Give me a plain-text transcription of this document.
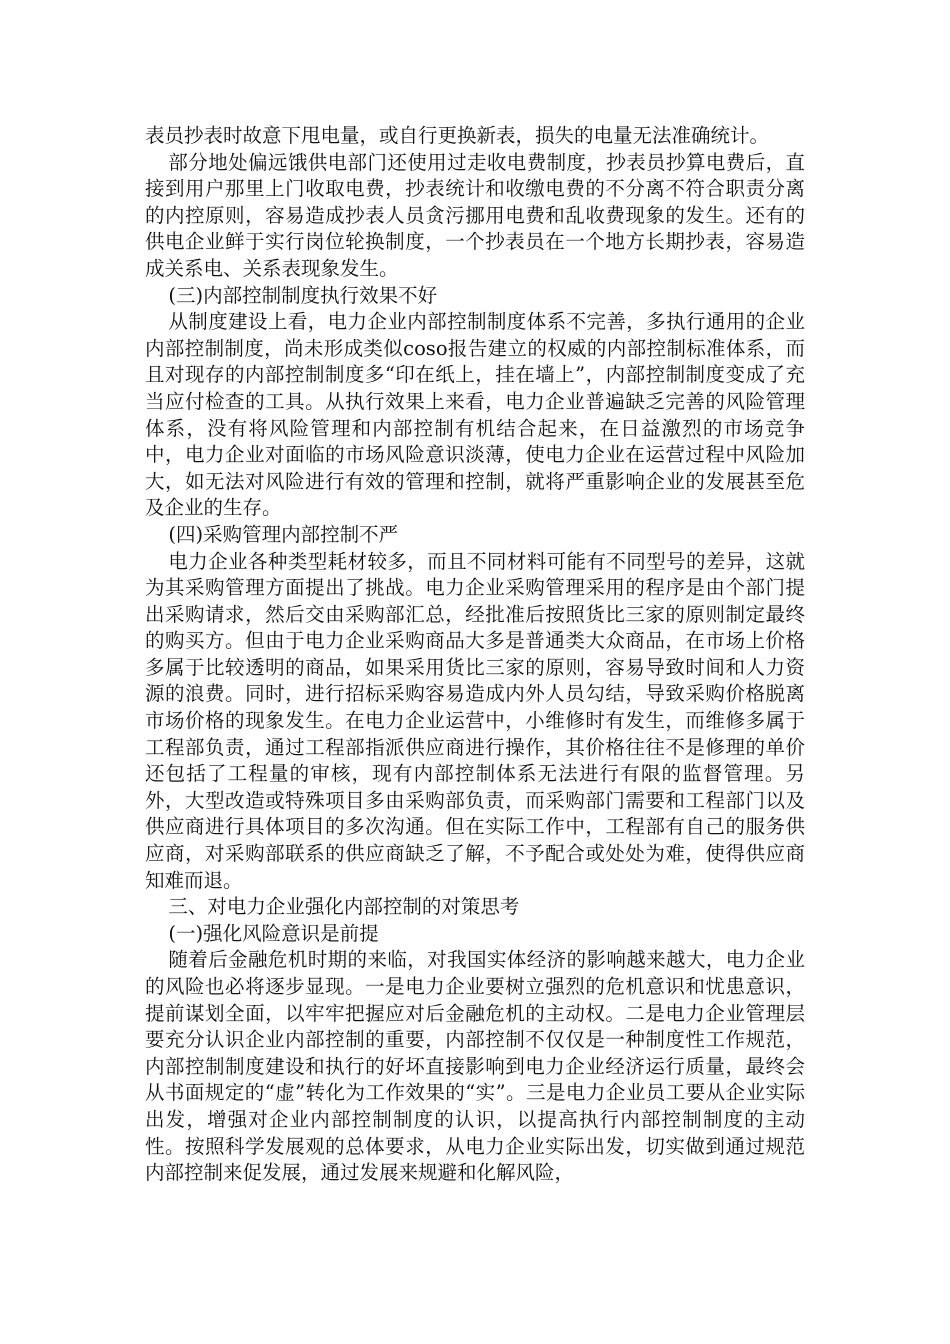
表员抄表时故意下甩电量，或自行更换新表，损失的电量无法准确统计。

部分地处偏远饿供电部门还使用过走收电费制度，抄表员抄算电费后，直接到用户那里上门收取电费，抄表统计和收缴电费的不分离不符合职责分离的内控原则，容易造成抄表人员贪污挪用电费和乱收费现象的发生。还有的供电企业鲜于实行岗位轮换制度，一个抄表员在一个地方长期抄表，容易造成关系电、关系表现象发生。

(三)内部控制制度执行效果不好

从制度建设上看，电力企业内部控制制度体系不完善，多执行通用的企业内部控制制度，尚未形成类似coso报告建立的权威的内部控制标准体系，而且对现存的内部控制制度多“印在纸上，挂在墙上”，内部控制制度变成了充当应付检查的工具。从执行效果上来看，电力企业普遍缺乏完善的风险管理体系，没有将风险管理和内部控制有机结合起来，在日益激烈的市场竞争中，电力企业对面临的市场风险意识淡薄，使电力企业在运营过程中风险加大，如无法对风险进行有效的管理和控制，就将严重影响企业的发展甚至危及企业的生存。

(四)采购管理内部控制不严

电力企业各种类型耗材较多，而且不同材料可能有不同型号的差异，这就为其采购管理方面提出了挑战。电力企业采购管理采用的程序是由个部门提出采购请求，然后交由采购部汇总，经批准后按照货比三家的原则制定最终的购买方。但由于电力企业采购商品大多是普通类大众商品，在市场上价格多属于比较透明的商品，如果采用货比三家的原则，容易导致时间和人力资源的浪费。同时，进行招标采购容易造成内外人员勾结，导致采购价格脱离市场价格的现象发生。在电力企业运营中，小维修时有发生，而维修多属于工程部负责，通过工程部指派供应商进行操作，其价格往往不是修理的单价还包括了工程量的审核，现有内部控制体系无法进行有限的监督管理。另外，大型改造或特殊项目多由采购部负责，而采购部门需要和工程部门以及供应商进行具体项目的多次沟通。但在实际工作中，工程部有自己的服务供应商，对采购部联系的供应商缺乏了解，不予配合或处处为难，使得供应商知难而退。

三、对电力企业强化内部控制的对策思考

(一)强化风险意识是前提

随着后金融危机时期的来临，对我国实体经济的影响越来越大，电力企业的风险也必将逐步显现。一是电力企业要树立强烈的危机意识和忧患意识，提前谋划全面，以牢牢把握应对后金融危机的主动权。二是电力企业管理层要充分认识企业内部控制的重要，内部控制不仅仅是一种制度性工作规范，内部控制制度建设和执行的好坏直接影响到电力企业经济运行质量，最终会从书面规定的“虚”转化为工作效果的“实”。三是电力企业员工要从企业实际出发，增强对企业内部控制制度的认识，以提高执行内部控制制度的主动性。按照科学发展观的总体要求，从电力企业实际出发，切实做到通过规范内部控制来促发展，通过发展来规避和化解风险，
